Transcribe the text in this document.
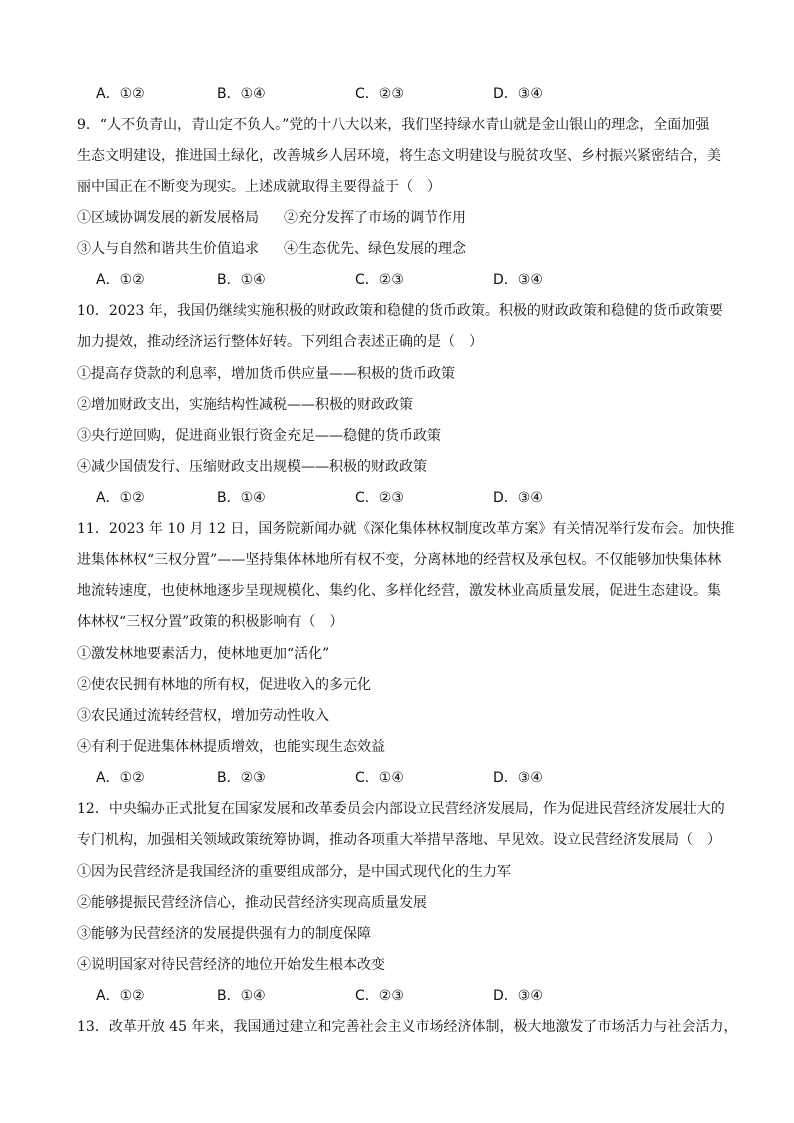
A．①②	B．①④	C．②③	D．③④
9．“人不负青山，青山定不负人。”党的十八大以来，我们坚持绿水青山就是金山银山的理念，全面加强
生态文明建设，推进国土绿化，改善城乡人居环境，将生态文明建设与脱贫攻坚、乡村振兴紧密结合，美
丽中国正在不断变为现实。上述成就取得主要得益于（　）
①区域协调发展的新发展格局 ②充分发挥了市场的调节作用
③人与自然和谐共生价值追求 ④生态优先、绿色发展的理念
A．①②	B．①④	C．②③	D．③④
10．2023 年，我国仍继续实施积极的财政政策和稳健的货币政策。积极的财政政策和稳健的货币政策要
加力提效，推动经济运行整体好转。下列组合表述正确的是（　）
①提高存贷款的利息率，增加货币供应量——积极的货币政策
②增加财政支出，实施结构性减税——积极的财政政策
③央行逆回购，促进商业银行资金充足——稳健的货币政策
④减少国债发行、压缩财政支出规模——积极的财政政策
A．①②	B．①④	C．②③	D．③④
11．2023 年 10 月 12 日，国务院新闻办就《深化集体林权制度改革方案》有关情况举行发布会。加快推
进集体林权“三权分置”——坚持集体林地所有权不变，分离林地的经营权及承包权。不仅能够加快集体林
地流转速度，也使林地逐步呈现规模化、集约化、多样化经营，激发林业高质量发展，促进生态建设。集
体林权“三权分置”政策的积极影响有（　）
①激发林地要素活力，使林地更加“活化”
②使农民拥有林地的所有权，促进收入的多元化
③农民通过流转经营权，增加劳动性收入
④有利于促进集体林提质增效，也能实现生态效益
A．①②	B．②③	C．①④	D．③④
12．中央编办正式批复在国家发展和改革委员会内部设立民营经济发展局，作为促进民营经济发展壮大的
专门机构，加强相关领域政策统筹协调，推动各项重大举措早落地、早见效。设立民营经济发展局（　）
①因为民营经济是我国经济的重要组成部分，是中国式现代化的生力军
②能够提振民营经济信心，推动民营经济实现高质量发展
③能够为民营经济的发展提供强有力的制度保障
④说明国家对待民营经济的地位开始发生根本改变
A．①②	B．①④	C．②③	D．③④
13．改革开放 45 年来，我国通过建立和完善社会主义市场经济体制，极大地激发了市场活力与社会活力，
